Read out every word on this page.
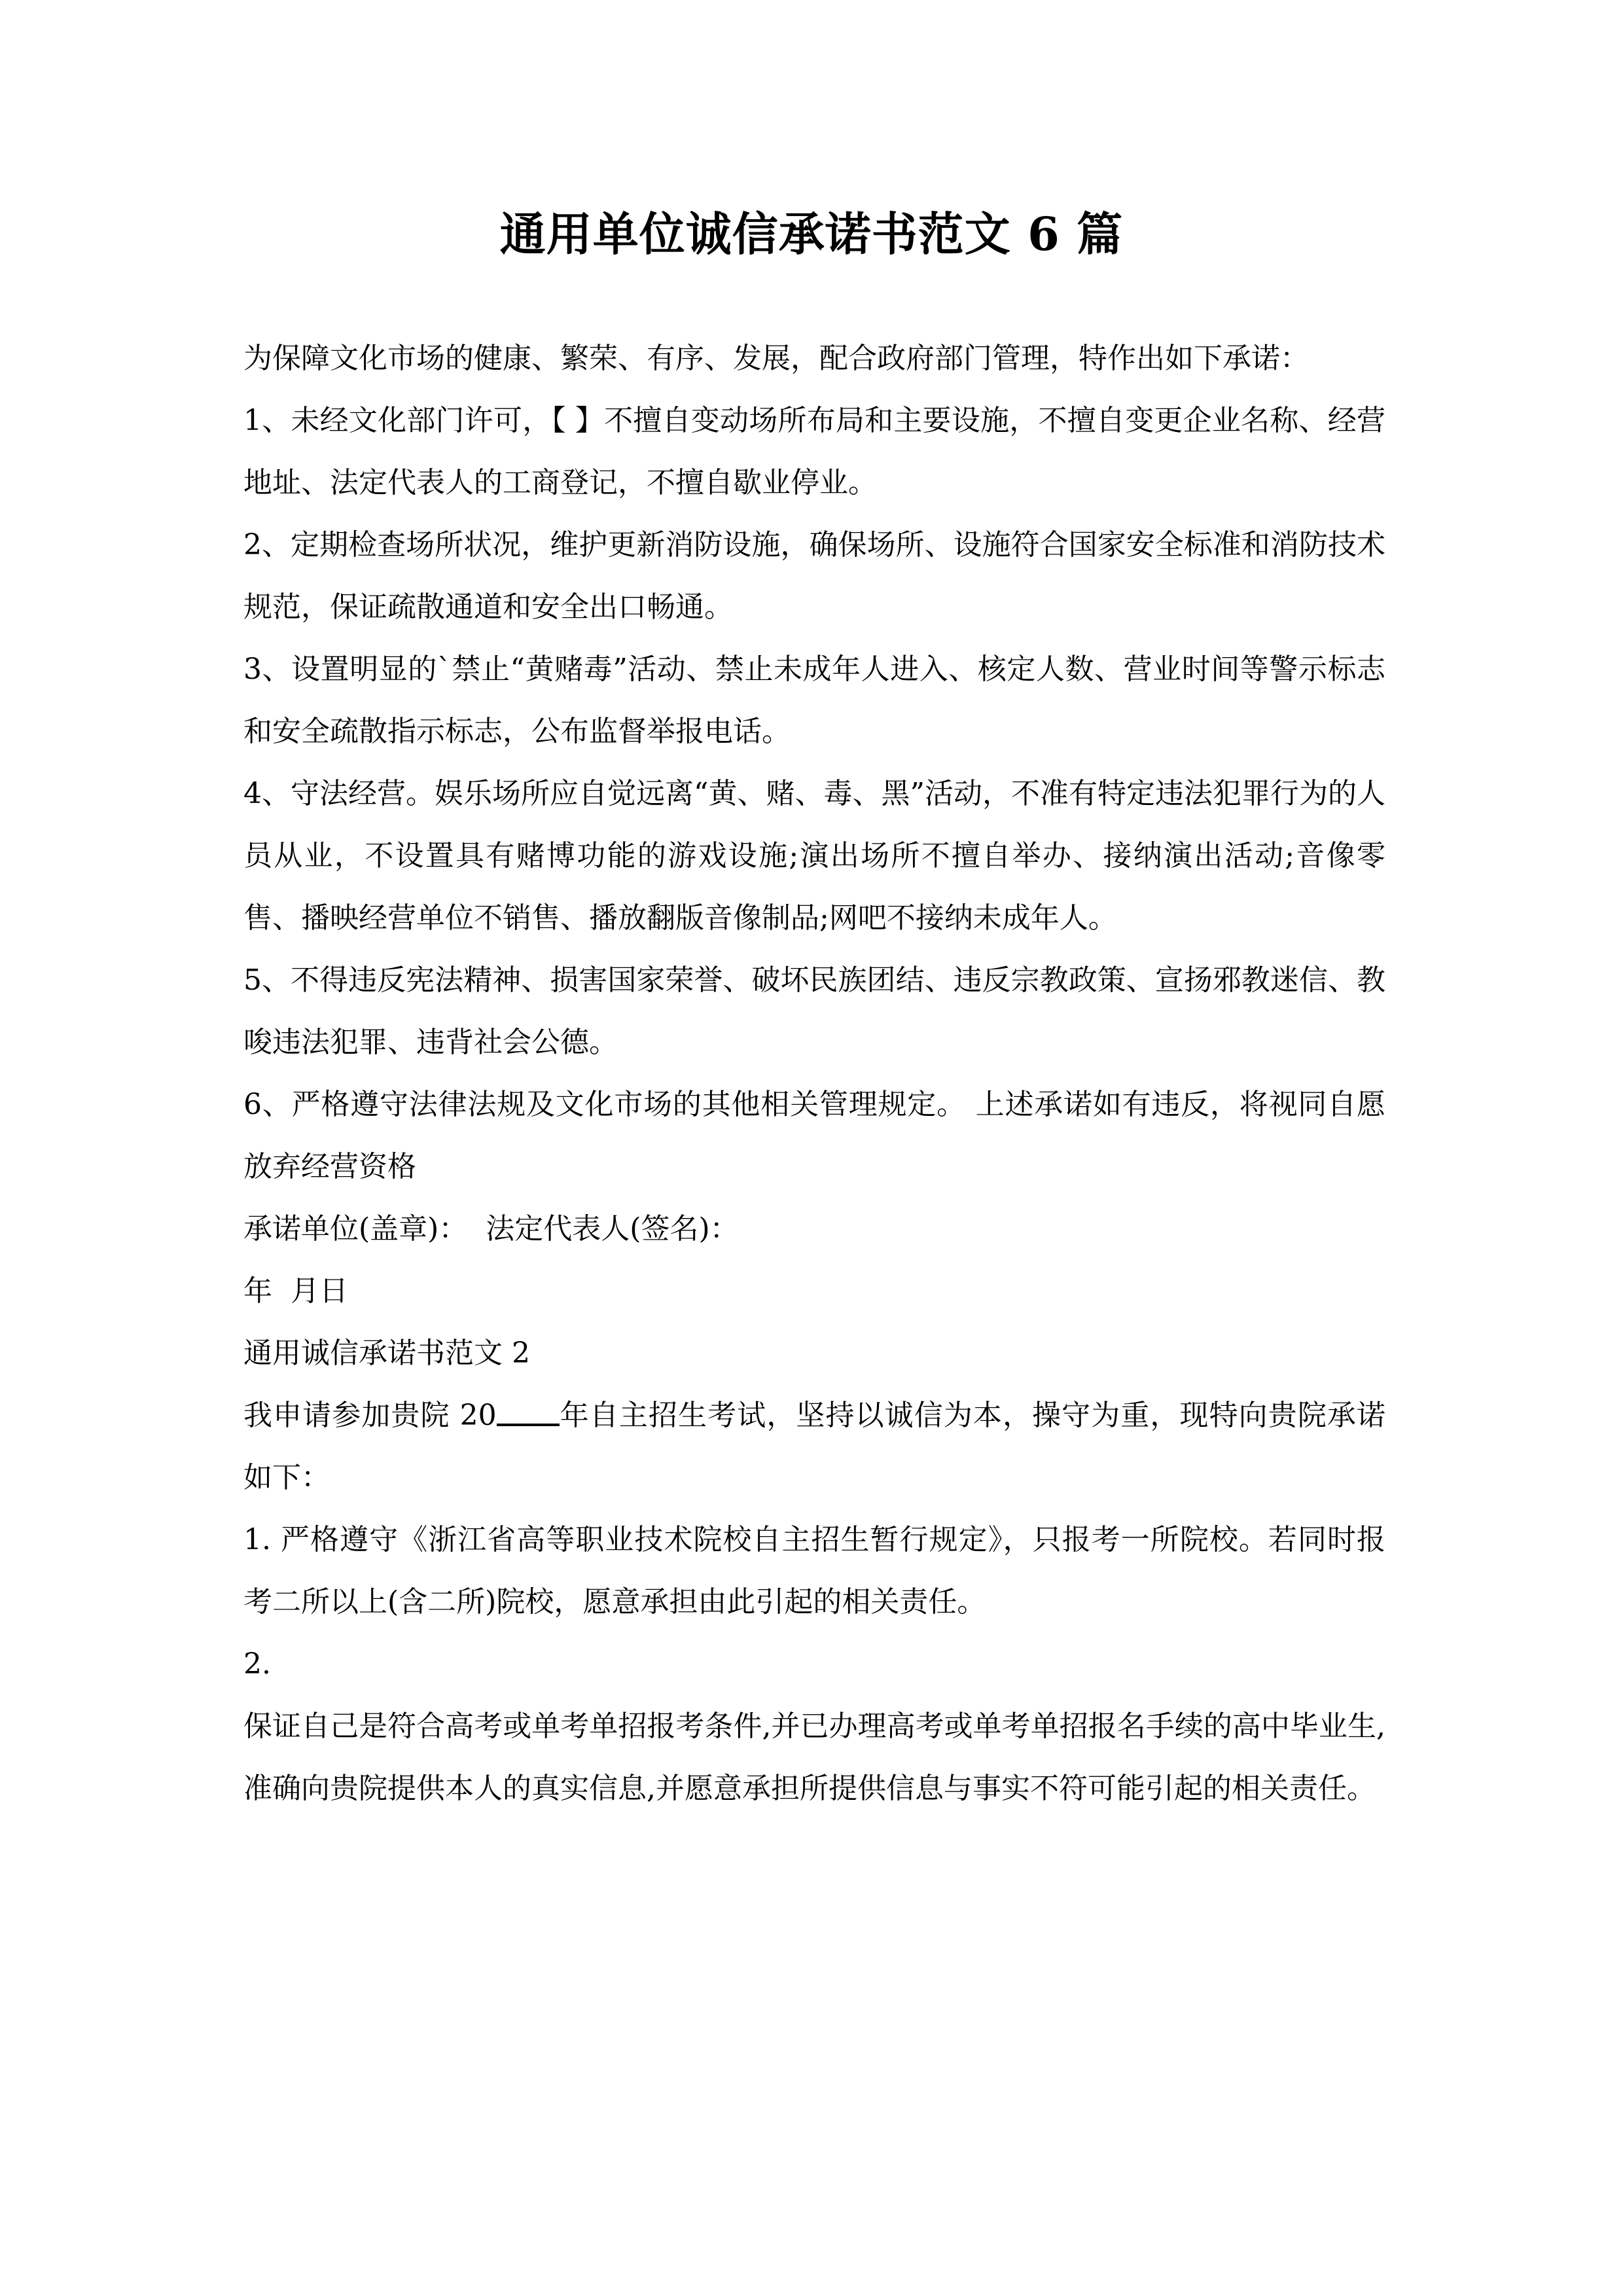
通用单位诚信承诺书范文 6 篇

为保障文化市场的健康、繁荣、有序、发展，配合政府部门管理，特作出如下承诺：

1、未经文化部门许可，【 】不擅自变动场所布局和主要设施，不擅自变更企业名称、经营地址、法定代表人的工商登记，不擅自歇业停业。

2、定期检查场所状况，维护更新消防设施，确保场所、设施符合国家安全标准和消防技术规范，保证疏散通道和安全出口畅通。

3、设置明显的`禁止“黄赌毒”活动、禁止未成年人进入、核定人数、营业时间等警示标志和安全疏散指示标志，公布监督举报电话。

4、守法经营。娱乐场所应自觉远离“黄、赌、毒、黑”活动，不准有特定违法犯罪行为的人员从业，不设置具有赌博功能的游戏设施;演出场所不擅自举办、接纳演出活动;音像零售、播映经营单位不销售、播放翻版音像制品;网吧不接纳未成年人。

5、不得违反宪法精神、损害国家荣誉、破坏民族团结、违反宗教政策、宣扬邪教迷信、教唆违法犯罪、违背社会公德。

6、严格遵守法律法规及文化市场的其他相关管理规定。 上述承诺如有违反，将视同自愿放弃经营资格

承诺单位(盖章)：  法定代表人(签名)：

年  月日

通用诚信承诺书范文 2

我申请参加贵院 20 年自主招生考试，坚持以诚信为本，操守为重，现特向贵院承诺如下：

1. 严格遵守《浙江省高等职业技术院校自主招生暂行规定》，只报考一所院校。若同时报考二所以上(含二所)院校，愿意承担由此引起的相关责任。

2.

保证自己是符合高考或单考单招报考条件,并已办理高考或单考单招报名手续的高中毕业生,准确向贵院提供本人的真实信息,并愿意承担所提供信息与事实不符可能引起的相关责任。
